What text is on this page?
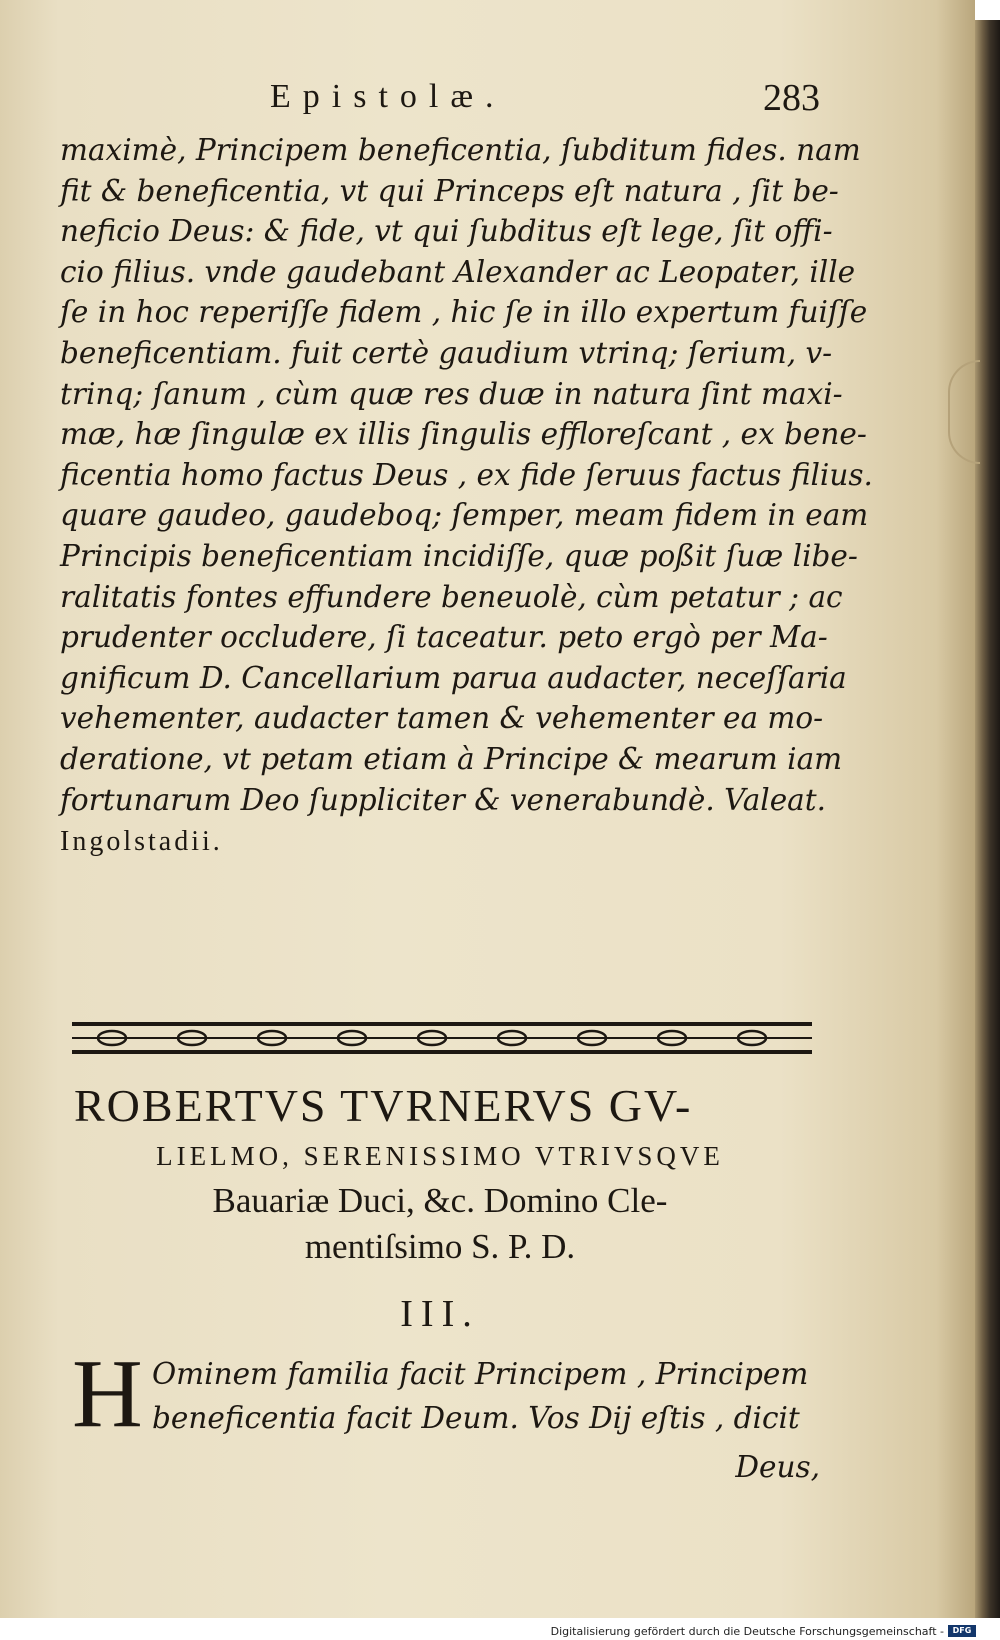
Epistolæ.	283

maximè, Principem beneficentia, ſubditum fides. nam
fit & beneficentia, vt qui Princeps eſt natura , ſit be-
neficio Deus: & fide, vt qui ſubditus eſt lege, ſit offi-
cio filius. vnde gaudebant Alexander ac Leopater, ille
ſe in hoc reperiſſe fidem , hic ſe in illo expertum fuiſſe
beneficentiam. fuit certè gaudium vtrinq; ſerium, v-
trinq; ſanum , cùm quæ res duæ in natura ſint maxi-
mæ, hæ ſingulæ ex illis ſingulis effloreſcant , ex bene-
ficentia homo factus Deus , ex fide ſeruus factus filius.
quare gaudeo, gaudeboq; ſemper, meam fidem in eam
Principis beneficentiam incidiſſe, quæ poßit ſuæ libe-
ralitatis fontes effundere beneuolè, cùm petatur ; ac
prudenter occludere, ſi taceatur. peto ergò per Ma-
gnificum D. Cancellarium parua audacter, neceſſaria
vehementer, audacter tamen & vehementer ea mo-
deratione, vt petam etiam à Principe & mearum iam
fortunarum Deo ſuppliciter & venerabundè. Valeat.
Ingolstadii.

ROBERTVS TVRNERVS GV-
LIELMO, SERENISSIMO VTRIVSQVE
Bauariæ Duci, &c. Domino Cle-
mentiſsimo S. P. D.
III.
H Ominem familia facit Principem , Principem
beneficentia facit Deum. Vos Dij eſtis , dicit
Deus,
Digitalisierung gefördert durch die Deutsche Forschungsgemeinschaft -	DFG
